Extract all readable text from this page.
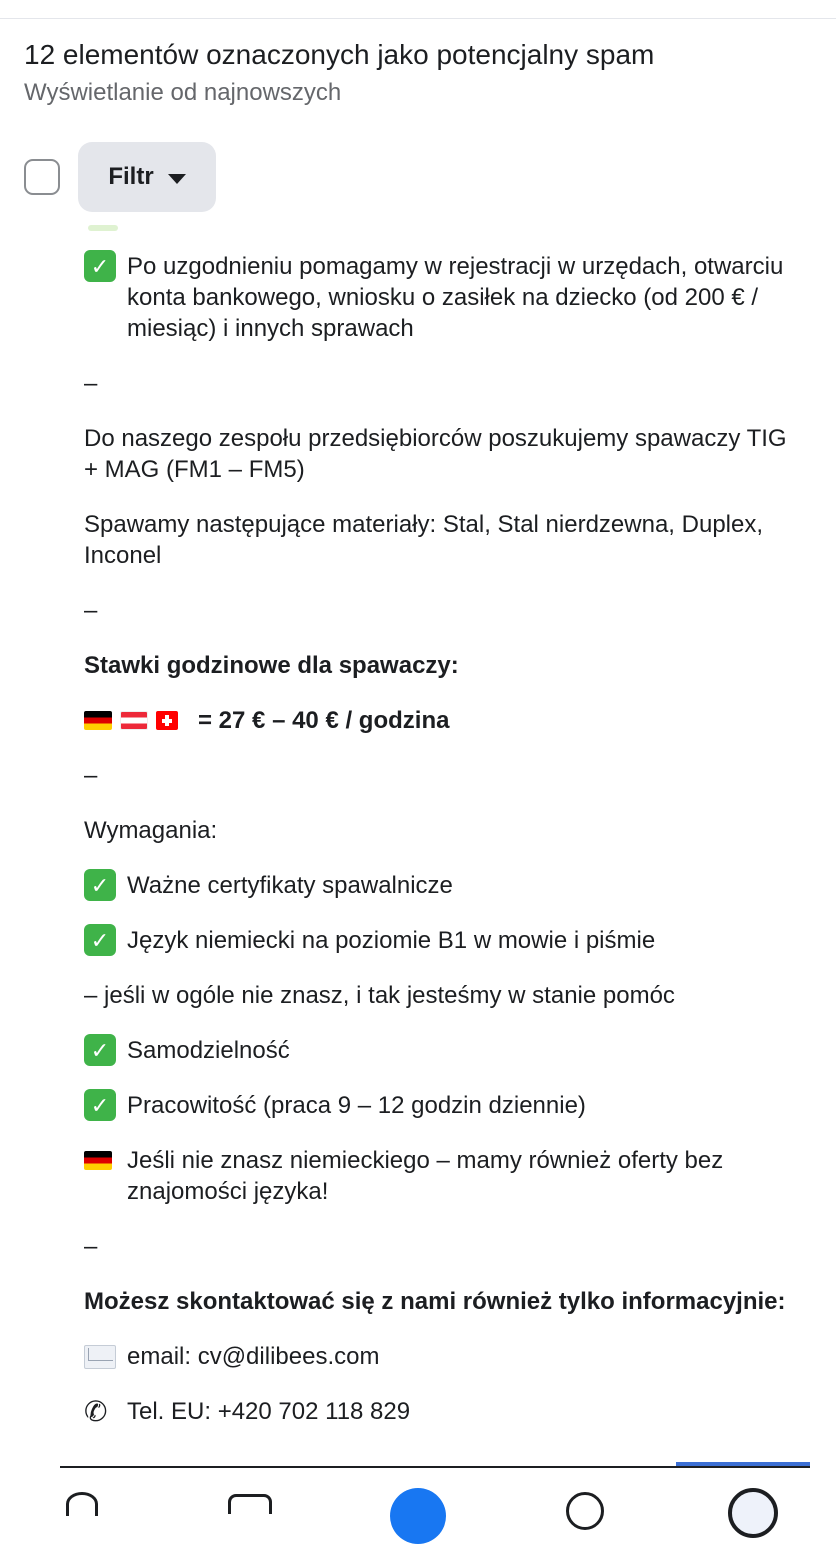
12 elementów oznaczonych jako potencjalny spam
Wyświetlanie od najnowszych
Filtr
✓ Po uzgodnieniu pomagamy w rejestracji w urzędach, otwarciu konta bankowego, wniosku o zasiłek na dziecko (od 200 € / miesiąc) i innych sprawach
–
Do naszego zespołu przedsiębiorców poszukujemy spawaczy TIG + MAG (FM1 – FM5)
Spawamy następujące materiały: Stal, Stal nierdzewna, Duplex, Inconel
–
Stawki godzinowe dla spawaczy:
= 27 € – 40 € / godzina
–
Wymagania:
✓ Ważne certyfikaty spawalnicze
✓ Język niemiecki na poziomie B1 w mowie i piśmie
– jeśli w ogóle nie znasz, i tak jesteśmy w stanie pomóc
✓ Samodzielność
✓ Pracowitość (praca 9 – 12 godzin dziennie)
Jeśli nie znasz niemieckiego – mamy również oferty bez znajomości języka!
–
Możesz skontaktować się z nami również tylko informacyjnie:
email: cv@dilibees.com
✆ Tel. EU: +420 702 118 829
